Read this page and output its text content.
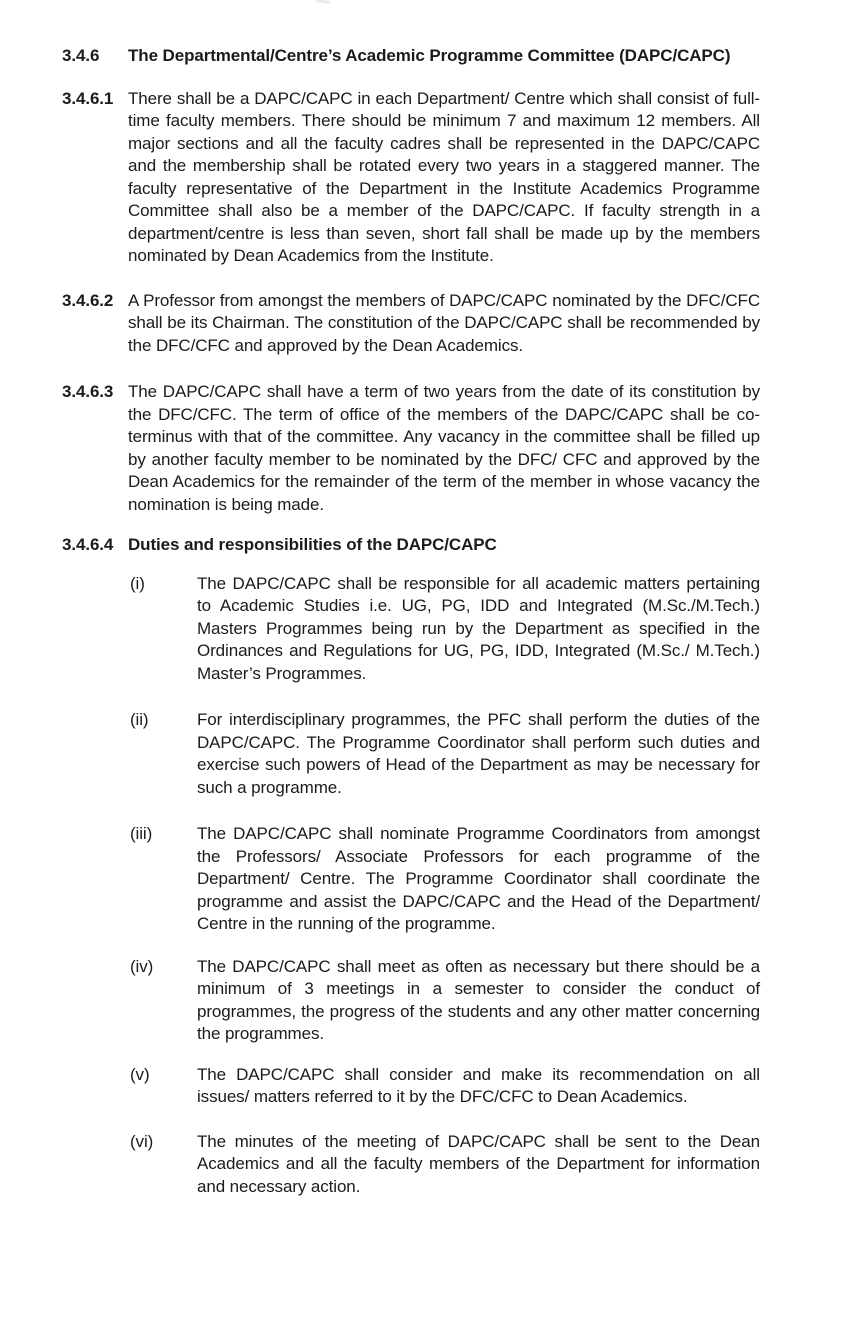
3.4.6	The Departmental/Centre’s Academic Programme Committee (DAPC/CAPC)
3.4.6.1 There shall be a DAPC/CAPC in each Department/ Centre which shall consist of full-time faculty members. There should be minimum 7 and maximum 12 members. All major sections and all the faculty cadres shall be represented in the DAPC/CAPC and the membership shall be rotated every two years in a staggered manner. The faculty representative of the Department in the Institute Academics Programme Committee shall also be a member of the DAPC/CAPC. If faculty strength in a department/centre is less than seven, short fall shall be made up by the members nominated by Dean Academics from the Institute.
3.4.6.2 A Professor from amongst the members of DAPC/CAPC nominated by the DFC/CFC shall be its Chairman. The constitution of the DAPC/CAPC shall be recommended by the DFC/CFC and approved by the Dean Academics.
3.4.6.3 The DAPC/CAPC shall have a term of two years from the date of its constitution by the DFC/CFC. The term of office of the members of the DAPC/CAPC shall be co-terminus with that of the committee. Any vacancy in the committee shall be filled up by another faculty member to be nominated by the DFC/ CFC and approved by the Dean Academics for the remainder of the term of the member in whose vacancy the nomination is being made.
3.4.6.4 Duties and responsibilities of the DAPC/CAPC
(i)	The DAPC/CAPC shall be responsible for all academic matters pertaining to Academic Studies i.e. UG, PG, IDD and Integrated (M.Sc./M.Tech.) Masters Programmes being run by the Department as specified in the Ordinances and Regulations for UG, PG, IDD, Integrated (M.Sc./ M.Tech.) Master’s Programmes.
(ii)	For interdisciplinary programmes, the PFC shall perform the duties of the DAPC/CAPC. The Programme Coordinator shall perform such duties and exercise such powers of Head of the Department as may be necessary for such a programme.
(iii)	The DAPC/CAPC shall nominate Programme Coordinators from amongst the Professors/ Associate Professors for each programme of the Department/ Centre. The Programme Coordinator shall coordinate the programme and assist the DAPC/CAPC and the Head of the Department/ Centre in the running of the programme.
(iv)	The DAPC/CAPC shall meet as often as necessary but there should be a minimum of 3 meetings in a semester to consider the conduct of programmes, the progress of the students and any other matter concerning the programmes.
(v)	The DAPC/CAPC shall consider and make its recommendation on all issues/ matters referred to it by the DFC/CFC to Dean Academics.
(vi)	The minutes of the meeting of DAPC/CAPC shall be sent to the Dean Academics and all the faculty members of the Department for information and necessary action.
